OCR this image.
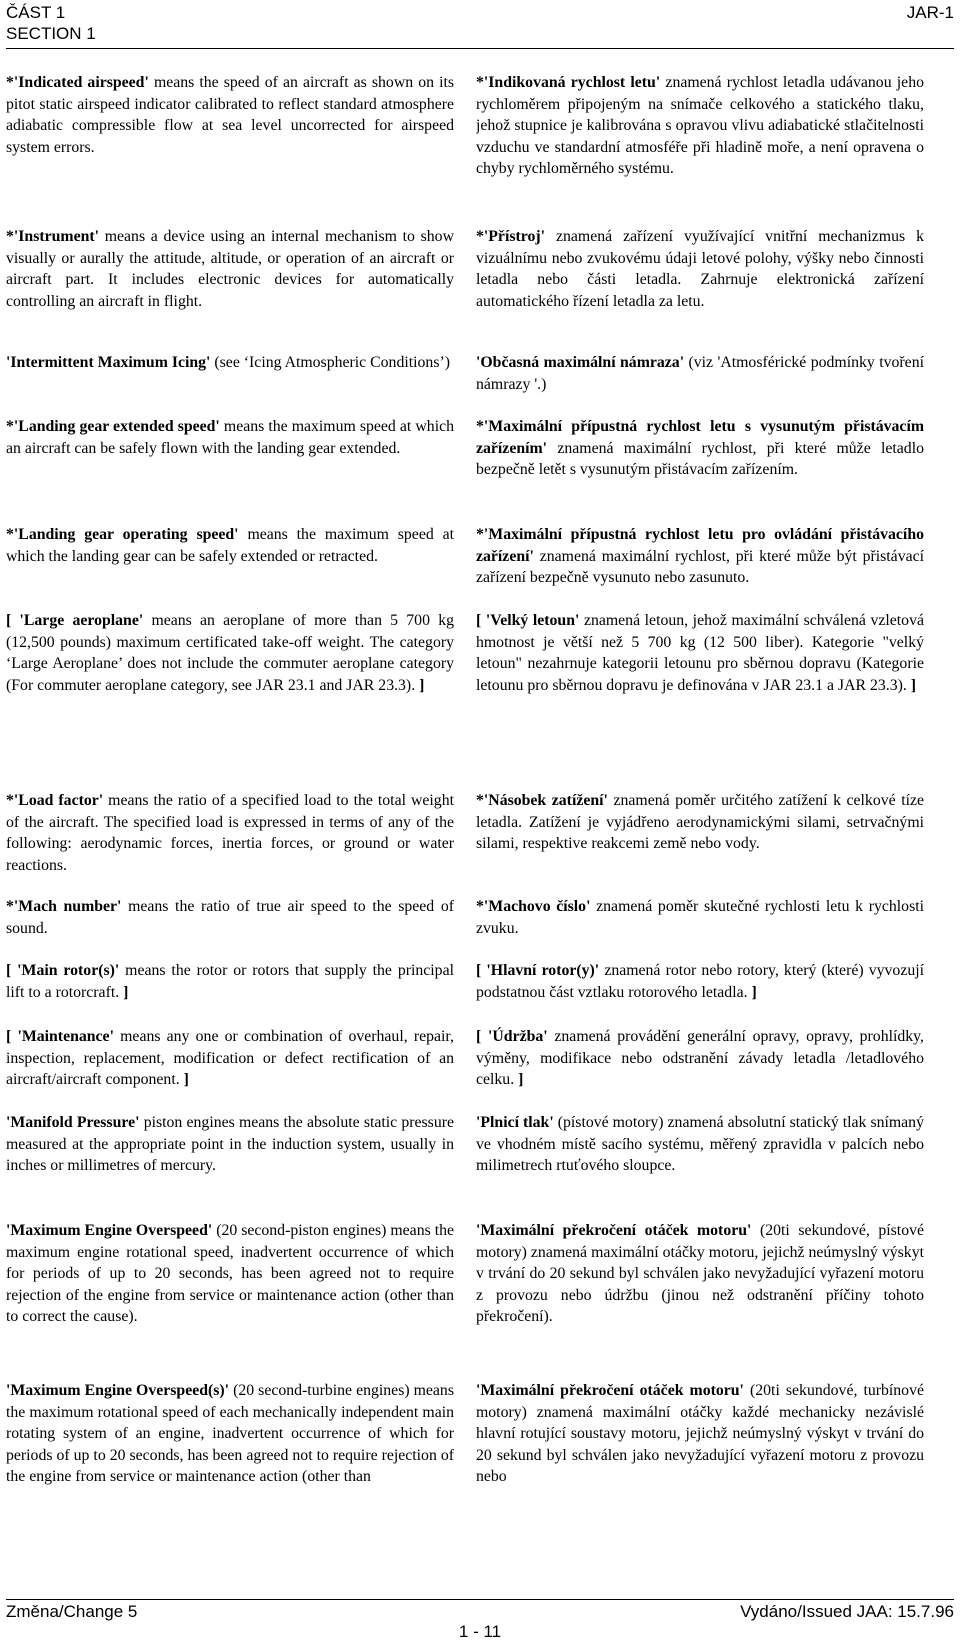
ČÁST 1
SECTION 1
JAR-1

*'Indicated airspeed' means the speed of an aircraft as shown on its pitot static airspeed indicator calibrated to reflect standard atmosphere adiabatic compressible flow at sea level uncorrected for airspeed system errors.

*'Instrument' means a device using an internal mechanism to show visually or aurally the attitude, altitude, or operation of an aircraft or aircraft part. It includes electronic devices for automatically controlling an aircraft in flight.

'Intermittent Maximum Icing' (see ‘Icing Atmospheric Conditions’)

*'Landing gear extended speed' means the maximum speed at which an aircraft can be safely flown with the landing gear extended.

*'Landing gear operating speed' means the maximum speed at which the landing gear can be safely extended or retracted.

[ 'Large aeroplane' means an aeroplane of more than 5 700 kg (12,500 pounds) maximum certificated take-off weight. The category ‘Large Aeroplane’ does not include the commuter aeroplane category (For commuter aeroplane category, see JAR 23.1 and JAR 23.3). ]

*'Load factor' means the ratio of a specified load to the total weight of the aircraft. The specified load is expressed in terms of any of the following: aerodynamic forces, inertia forces, or ground or water reactions.

*'Mach number' means the ratio of true air speed to the speed of sound.

[ 'Main rotor(s)' means the rotor or rotors that supply the principal lift to a rotorcraft. ]

[ 'Maintenance' means any one or combination of overhaul, repair, inspection, replacement, modification or defect rectification of an aircraft/aircraft component. ]

'Manifold Pressure' piston engines means the absolute static pressure measured at the appropriate point in the induction system, usually in inches or millimetres of mercury.

'Maximum Engine Overspeed' (20 second-piston engines) means the maximum engine rotational speed, inadvertent occurrence of which for periods of up to 20 seconds, has been agreed not to require rejection of the engine from service or maintenance action (other than to correct the cause).

'Maximum Engine Overspeed(s)' (20 second-turbine engines) means the maximum rotational speed of each mechanically independent main rotating system of an engine, inadvertent occurrence of which for periods of up to 20 seconds, has been agreed not to require rejection of the engine from service or maintenance action (other than

*'Indikovaná rychlost letu' znamená rychlost letadla udávanou jeho rychloměrem připojeným na snímače celkového a statického tlaku, jehož stupnice je kalibrována s opravou vlivu adiabatické stlačitelnosti vzduchu ve standardní atmosféře při hladině moře, a není opravena o chyby rychloměrného systému.

*'Přístroj' znamená zařízení využívající vnitřní mechanizmus k vizuálnímu nebo zvukovému údaji letové polohy, výšky nebo činnosti letadla nebo části letadla. Zahrnuje elektronická zařízení automatického řízení letadla za letu.

'Občasná maximální námraza' (viz 'Atmosférické podmínky tvoření námrazy '.)

*'Maximální přípustná rychlost letu s vysunutým přistávacím zařízením' znamená maximální rychlost, při které může letadlo bezpečně letět s vysunutým přistávacím zařízením.

*'Maximální přípustná rychlost letu pro ovládání přistávacího zařízení' znamená maximální rychlost, při které může být přistávací zařízení bezpečně vysunuto nebo zasunuto.

[ 'Velký letoun' znamená letoun, jehož maximální schválená vzletová hmotnost je větší než 5 700 kg (12 500 liber). Kategorie "velký letoun" nezahrnuje kategorii letounu pro sběrnou dopravu (Kategorie letounu pro sběrnou dopravu je definována v JAR 23.1 a JAR 23.3). ]

*'Násobek zatížení' znamená poměr určitého zatížení k celkové tíze letadla. Zatížení je vyjádřeno aerodynamickými silami, setrvačnými silami, respektive reakcemi země nebo vody.

*'Machovo číslo' znamená poměr skutečné rychlosti letu k rychlosti zvuku.

[ 'Hlavní rotor(y)' znamená rotor nebo rotory, který (které) vyvozují podstatnou část vztlaku rotorového letadla. ]

[ 'Údržba' znamená provádění generální opravy, opravy, prohlídky, výměny, modifikace nebo odstranění závady letadla /letadlového celku. ]

'Plnicí tlak' (pístové motory) znamená absolutní statický tlak snímaný ve vhodném místě sacího systému, měřený zpravidla v palcích nebo milimetrech rtuťového sloupce.

'Maximální překročení otáček motoru' (20ti sekundové, pístové motory) znamená maximální otáčky motoru, jejichž neúmyslný výskyt v trvání do 20 sekund byl schválen jako nevyžadující vyřazení motoru z provozu nebo údržbu (jinou než odstranění příčiny tohoto překročení).

'Maximální překročení otáček motoru' (20ti sekundové, turbínové motory) znamená maximální otáčky každé mechanicky nezávislé hlavní rotující soustavy motoru, jejichž neúmyslný výskyt v trvání do 20 sekund byl schválen jako nevyžadující vyřazení motoru z provozu nebo

Změna/Change 5	Vydáno/Issued JAA: 15.7.96
1 - 11
